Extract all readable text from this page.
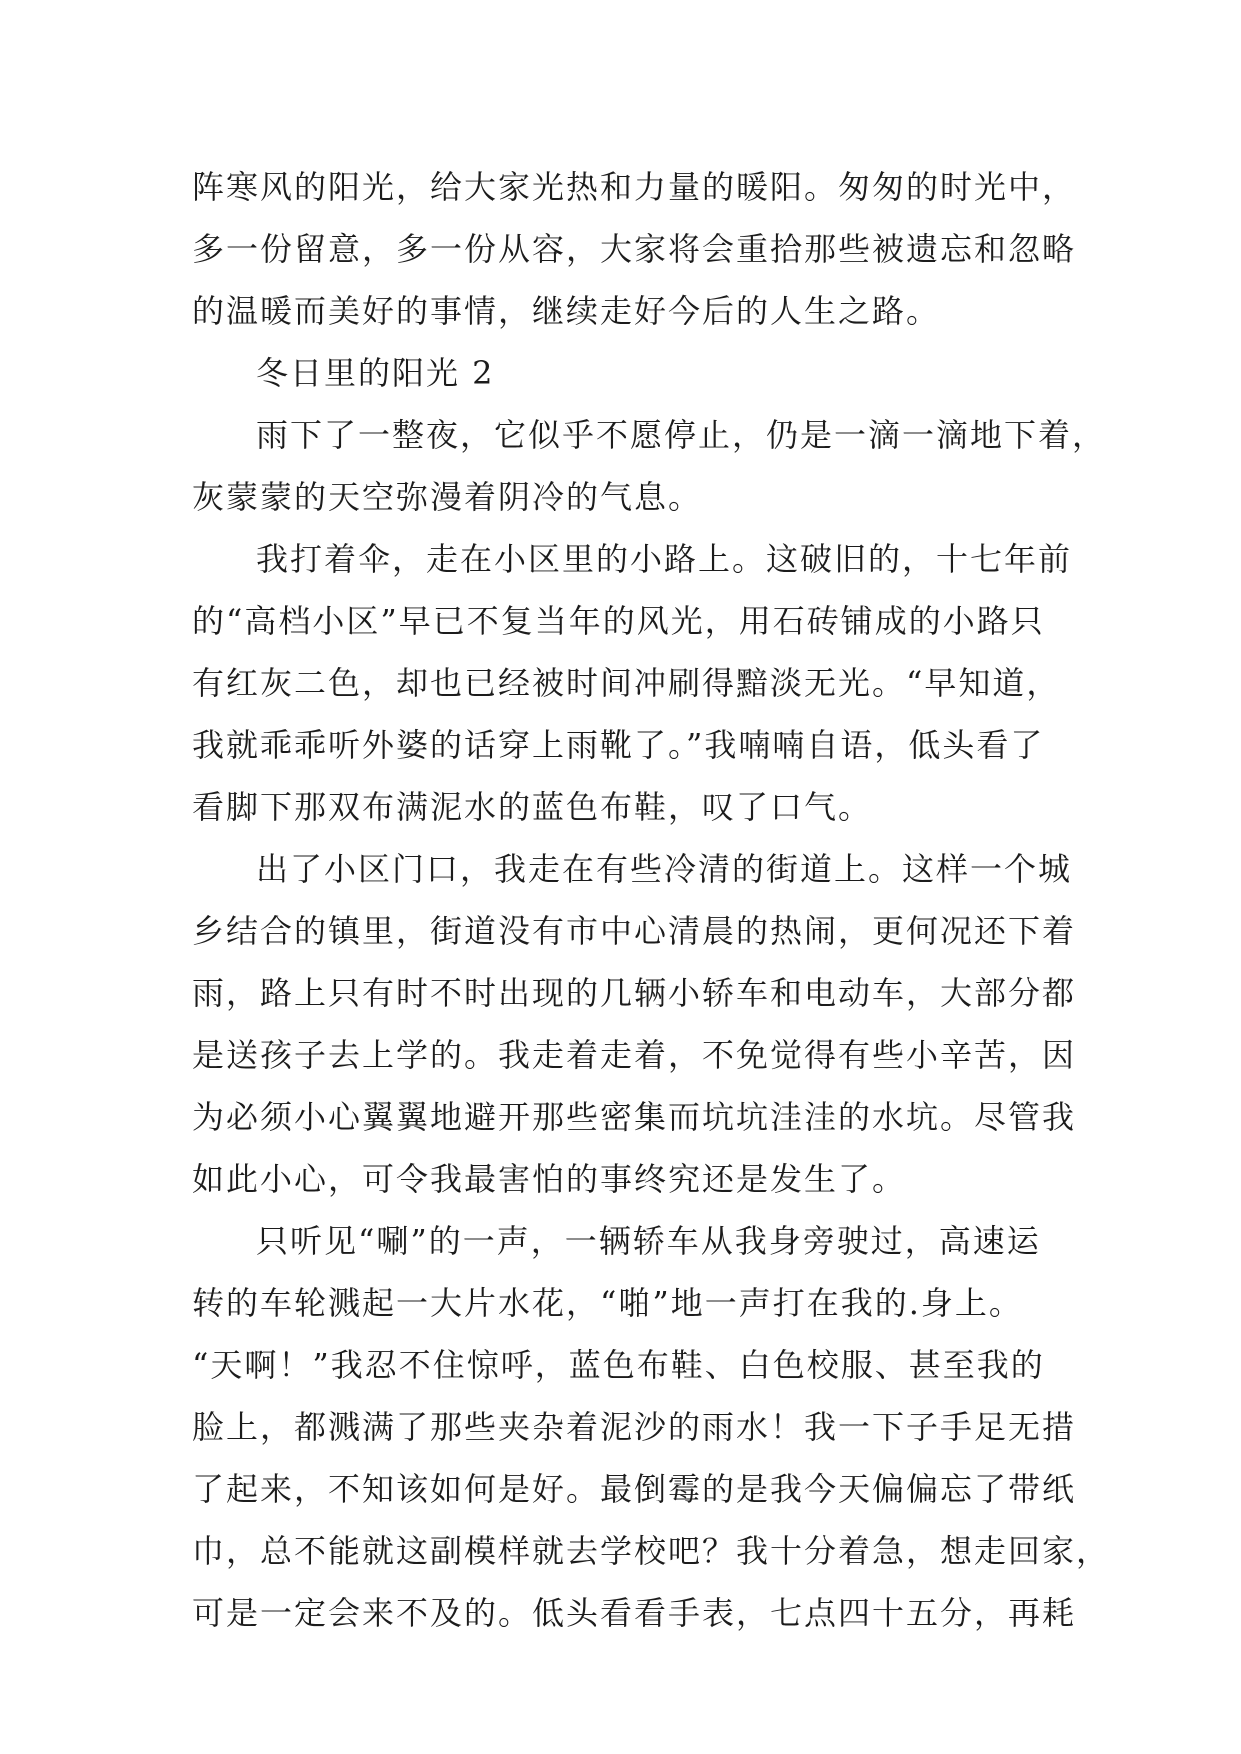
阵寒风的阳光，给大家光热和力量的暖阳。匆匆的时光中，
多一份留意，多一份从容，大家将会重拾那些被遗忘和忽略
的温暖而美好的事情，继续走好今后的人生之路。
冬日里的阳光 2
雨下了一整夜，它似乎不愿停止，仍是一滴一滴地下着，
灰蒙蒙的天空弥漫着阴冷的气息。
我打着伞，走在小区里的小路上。这破旧的，十七年前
的“高档小区”早已不复当年的风光，用石砖铺成的小路只
有红灰二色，却也已经被时间冲刷得黯淡无光。“早知道，
我就乖乖听外婆的话穿上雨靴了。”我喃喃自语，低头看了
看脚下那双布满泥水的蓝色布鞋，叹了口气。
出了小区门口，我走在有些冷清的街道上。这样一个城
乡结合的镇里，街道没有市中心清晨的热闹，更何况还下着
雨，路上只有时不时出现的几辆小轿车和电动车，大部分都
是送孩子去上学的。我走着走着，不免觉得有些小辛苦，因
为必须小心翼翼地避开那些密集而坑坑洼洼的水坑。尽管我
如此小心，可令我最害怕的事终究还是发生了。
只听见“唰”的一声，一辆轿车从我身旁驶过，高速运
转的车轮溅起一大片水花，“啪”地一声打在我的.身上。
“天啊！”我忍不住惊呼，蓝色布鞋、白色校服、甚至我的
脸上，都溅满了那些夹杂着泥沙的雨水！我一下子手足无措
了起来，不知该如何是好。最倒霉的是我今天偏偏忘了带纸
巾，总不能就这副模样就去学校吧？我十分着急，想走回家，
可是一定会来不及的。低头看看手表，七点四十五分，再耗
